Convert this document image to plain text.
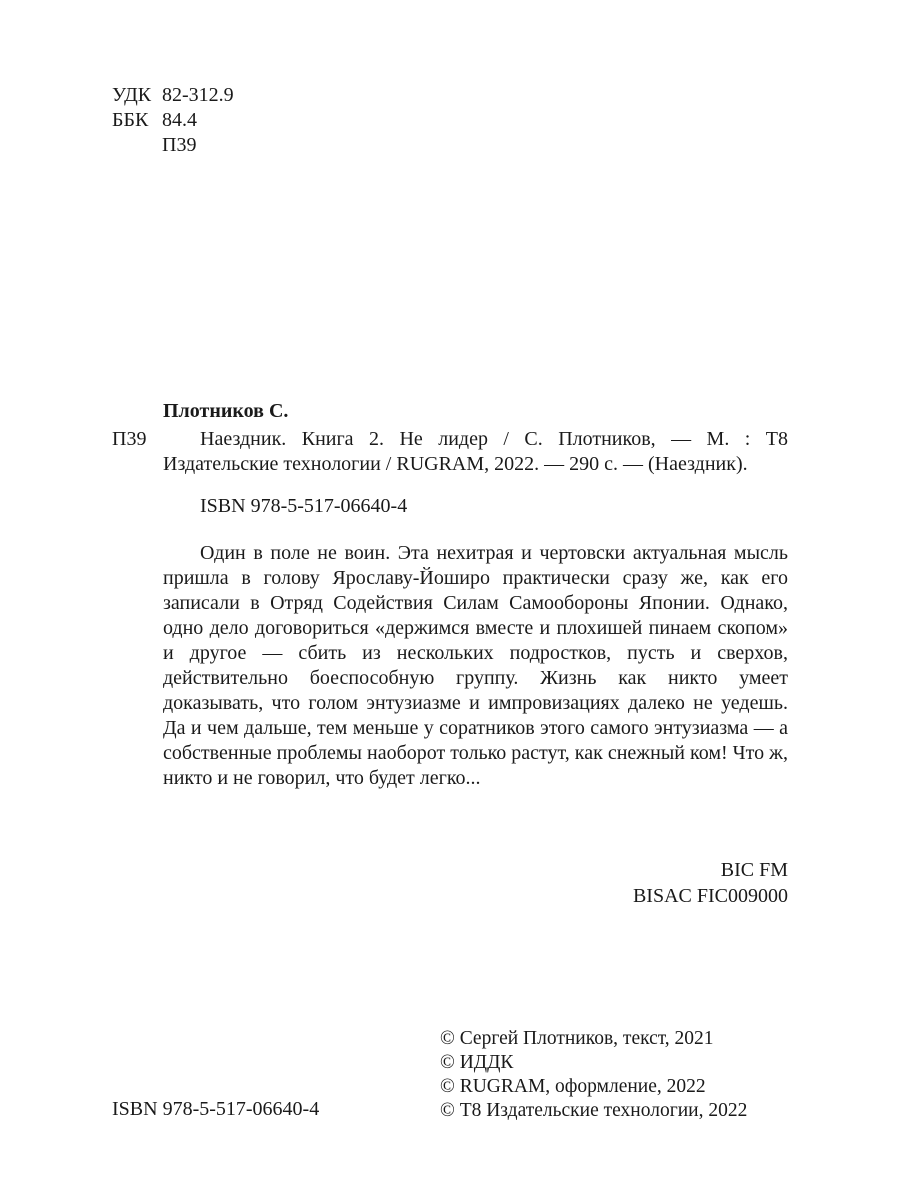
УДК 82-312.9
ББК 84.4
П39
Плотников С.
П39	Наездник. Книга 2. Не лидер / С. Плотников, — М. : Т8 Издательские технологии / RUGRAM, 2022. — 290 с. — (Наездник).
ISBN 978-5-517-06640-4
Один в поле не воин. Эта нехитрая и чертовски актуальная мысль пришла в голову Ярославу-Йоширо практически сразу же, как его записали в Отряд Содействия Силам Самообороны Японии. Однако, одно дело договориться «держимся вместе и плохишей пинаем скопом» и другое — сбить из нескольких подростков, пусть и сверхов, действительно боеспособную группу. Жизнь как никто умеет доказывать, что голом энтузиазме и импровизациях далеко не уедешь. Да и чем дальше, тем меньше у соратников этого самого энтузиазма — а собственные проблемы наоборот только растут, как снежный ком! Что ж, никто и не говорил, что будет легко...
BIC FM
BISAC FIC009000
ISBN 978-5-517-06640-4
© Сергей Плотников, текст, 2021
© ИДДК
© RUGRAM, оформление, 2022
© Т8 Издательские технологии, 2022
